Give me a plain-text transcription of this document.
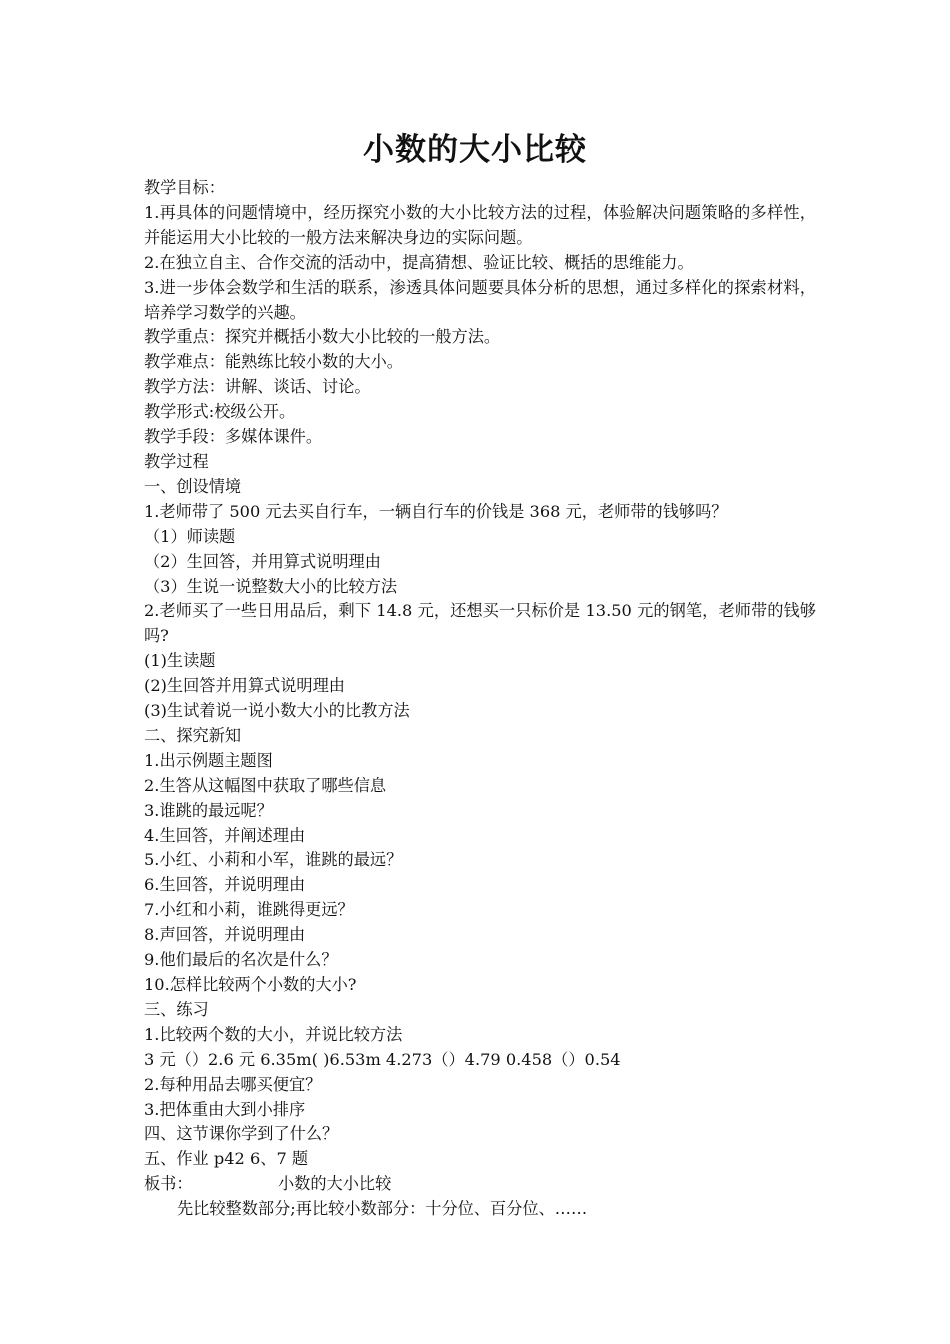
小数的大小比较
教学目标：
1.再具体的问题情境中，经历探究小数的大小比较方法的过程，体验解决问题策略的多样性，并能运用大小比较的一般方法来解决身边的实际问题。
2.在独立自主、合作交流的活动中，提高猜想、验证比较、概括的思维能力。
3.进一步体会数学和生活的联系，渗透具体问题要具体分析的思想，通过多样化的探索材料，培养学习数学的兴趣。
教学重点：探究并概括小数大小比较的一般方法。
教学难点：能熟练比较小数的大小。
教学方法：讲解、谈话、讨论。
教学形式:校级公开。
教学手段：多媒体课件。
教学过程
一、创设情境
1.老师带了 500 元去买自行车，一辆自行车的价钱是 368 元，老师带的钱够吗？
（1）师读题
（2）生回答，并用算式说明理由
（3）生说一说整数大小的比较方法
2.老师买了一些日用品后，剩下 14.8 元，还想买一只标价是 13.50 元的钢笔，老师带的钱够吗?
(1)生读题
(2)生回答并用算式说明理由
(3)生试着说一说小数大小的比教方法
二、探究新知
1.出示例题主题图
2.生答从这幅图中获取了哪些信息
3.谁跳的最远呢？
4.生回答，并阐述理由
5.小红、小莉和小军，谁跳的最远？
6.生回答，并说明理由
7.小红和小莉，谁跳得更远？
8.声回答，并说明理由
9.他们最后的名次是什么？
10.怎样比较两个小数的大小?
三、练习
1.比较两个数的大小，并说比较方法
3 元（）2.6 元 6.35m( )6.53m 4.273（）4.79 0.458（）0.54
2.每种用品去哪买便宜？
3.把体重由大到小排序
四、这节课你学到了什么？
五、作业 p42 6、7 题
板书：	小数的大小比较
先比较整数部分;再比较小数部分：十分位、百分位、……
